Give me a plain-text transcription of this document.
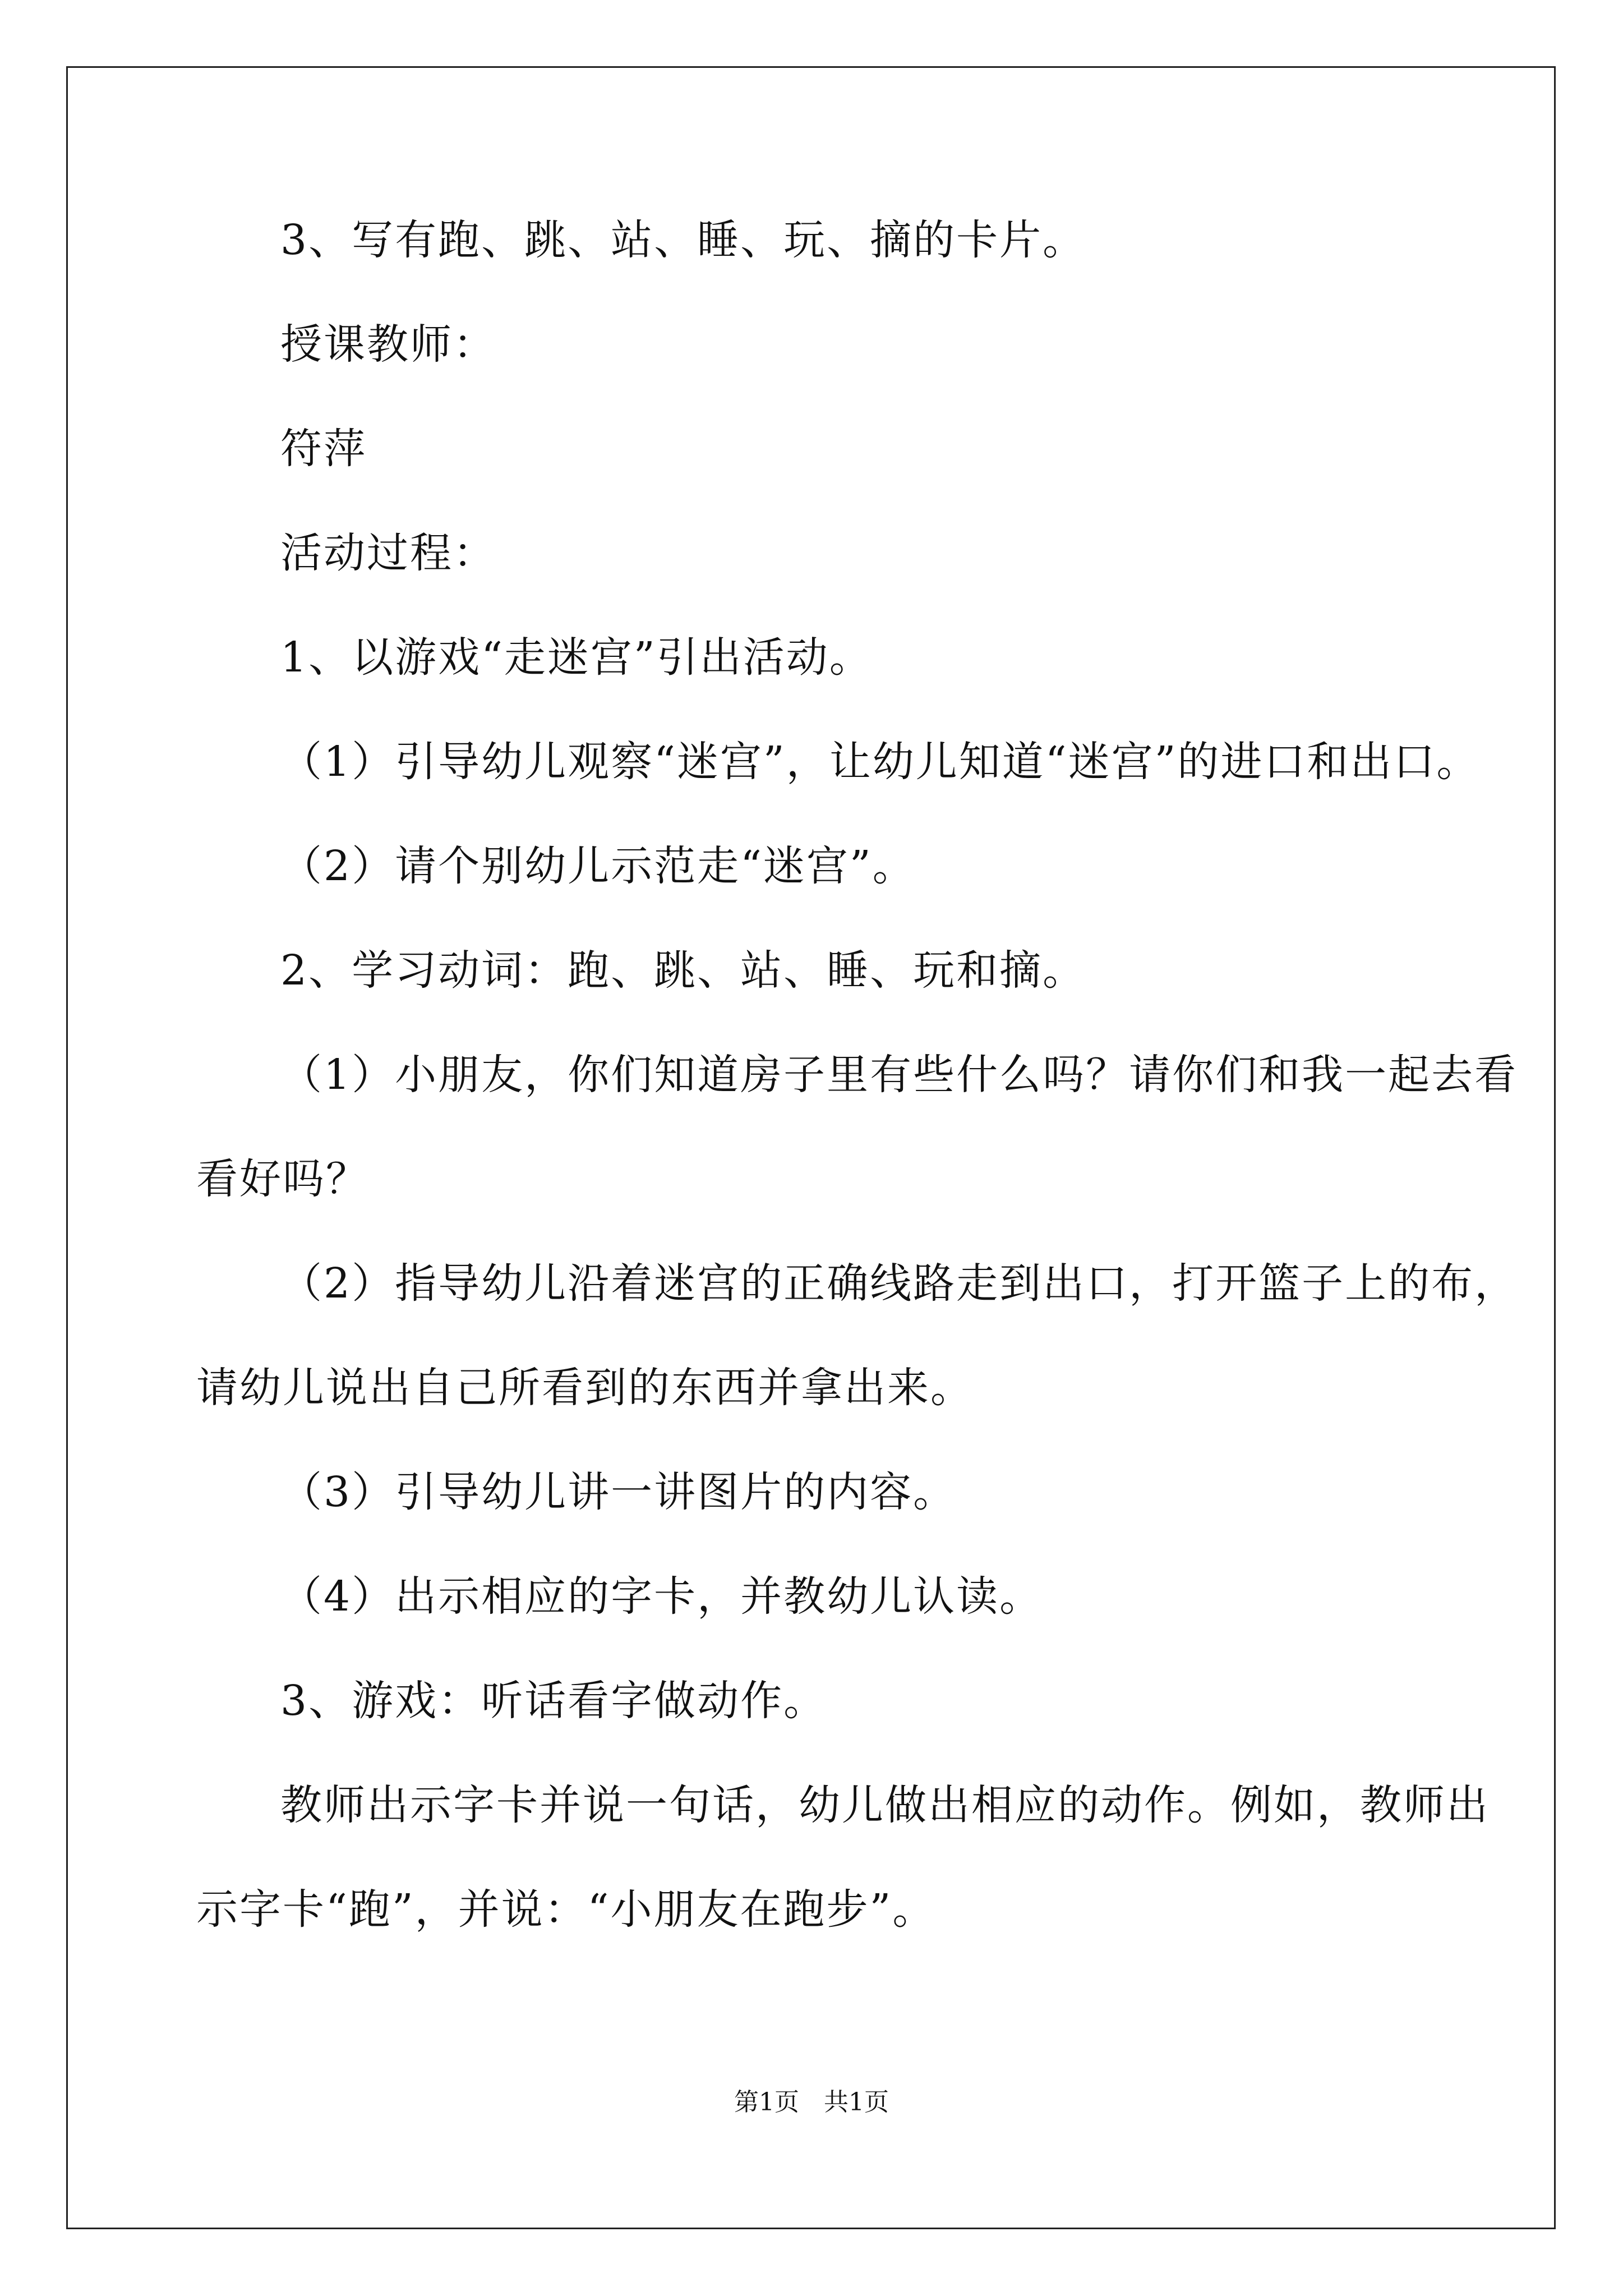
3、写有跑、跳、站、睡、玩、摘的卡片。
授课教师：
符萍
活动过程：
1、以游戏“走迷宫”引出活动。
（1）引导幼儿观察“迷宫”，让幼儿知道“迷宫”的进口和出口。
（2）请个别幼儿示范走“迷宫”。
2、学习动词：跑、跳、站、睡、玩和摘。
（1）小朋友，你们知道房子里有些什么吗？请你们和我一起去看
看好吗？
（2）指导幼儿沿着迷宫的正确线路走到出口，打开篮子上的布，
请幼儿说出自己所看到的东西并拿出来。
（3）引导幼儿讲一讲图片的内容。
（4）出示相应的字卡，并教幼儿认读。
3、游戏：听话看字做动作。
教师出示字卡并说一句话，幼儿做出相应的动作。例如，教师出
示字卡“跑”，并说：“小朋友在跑步”。
第1页　共1页
